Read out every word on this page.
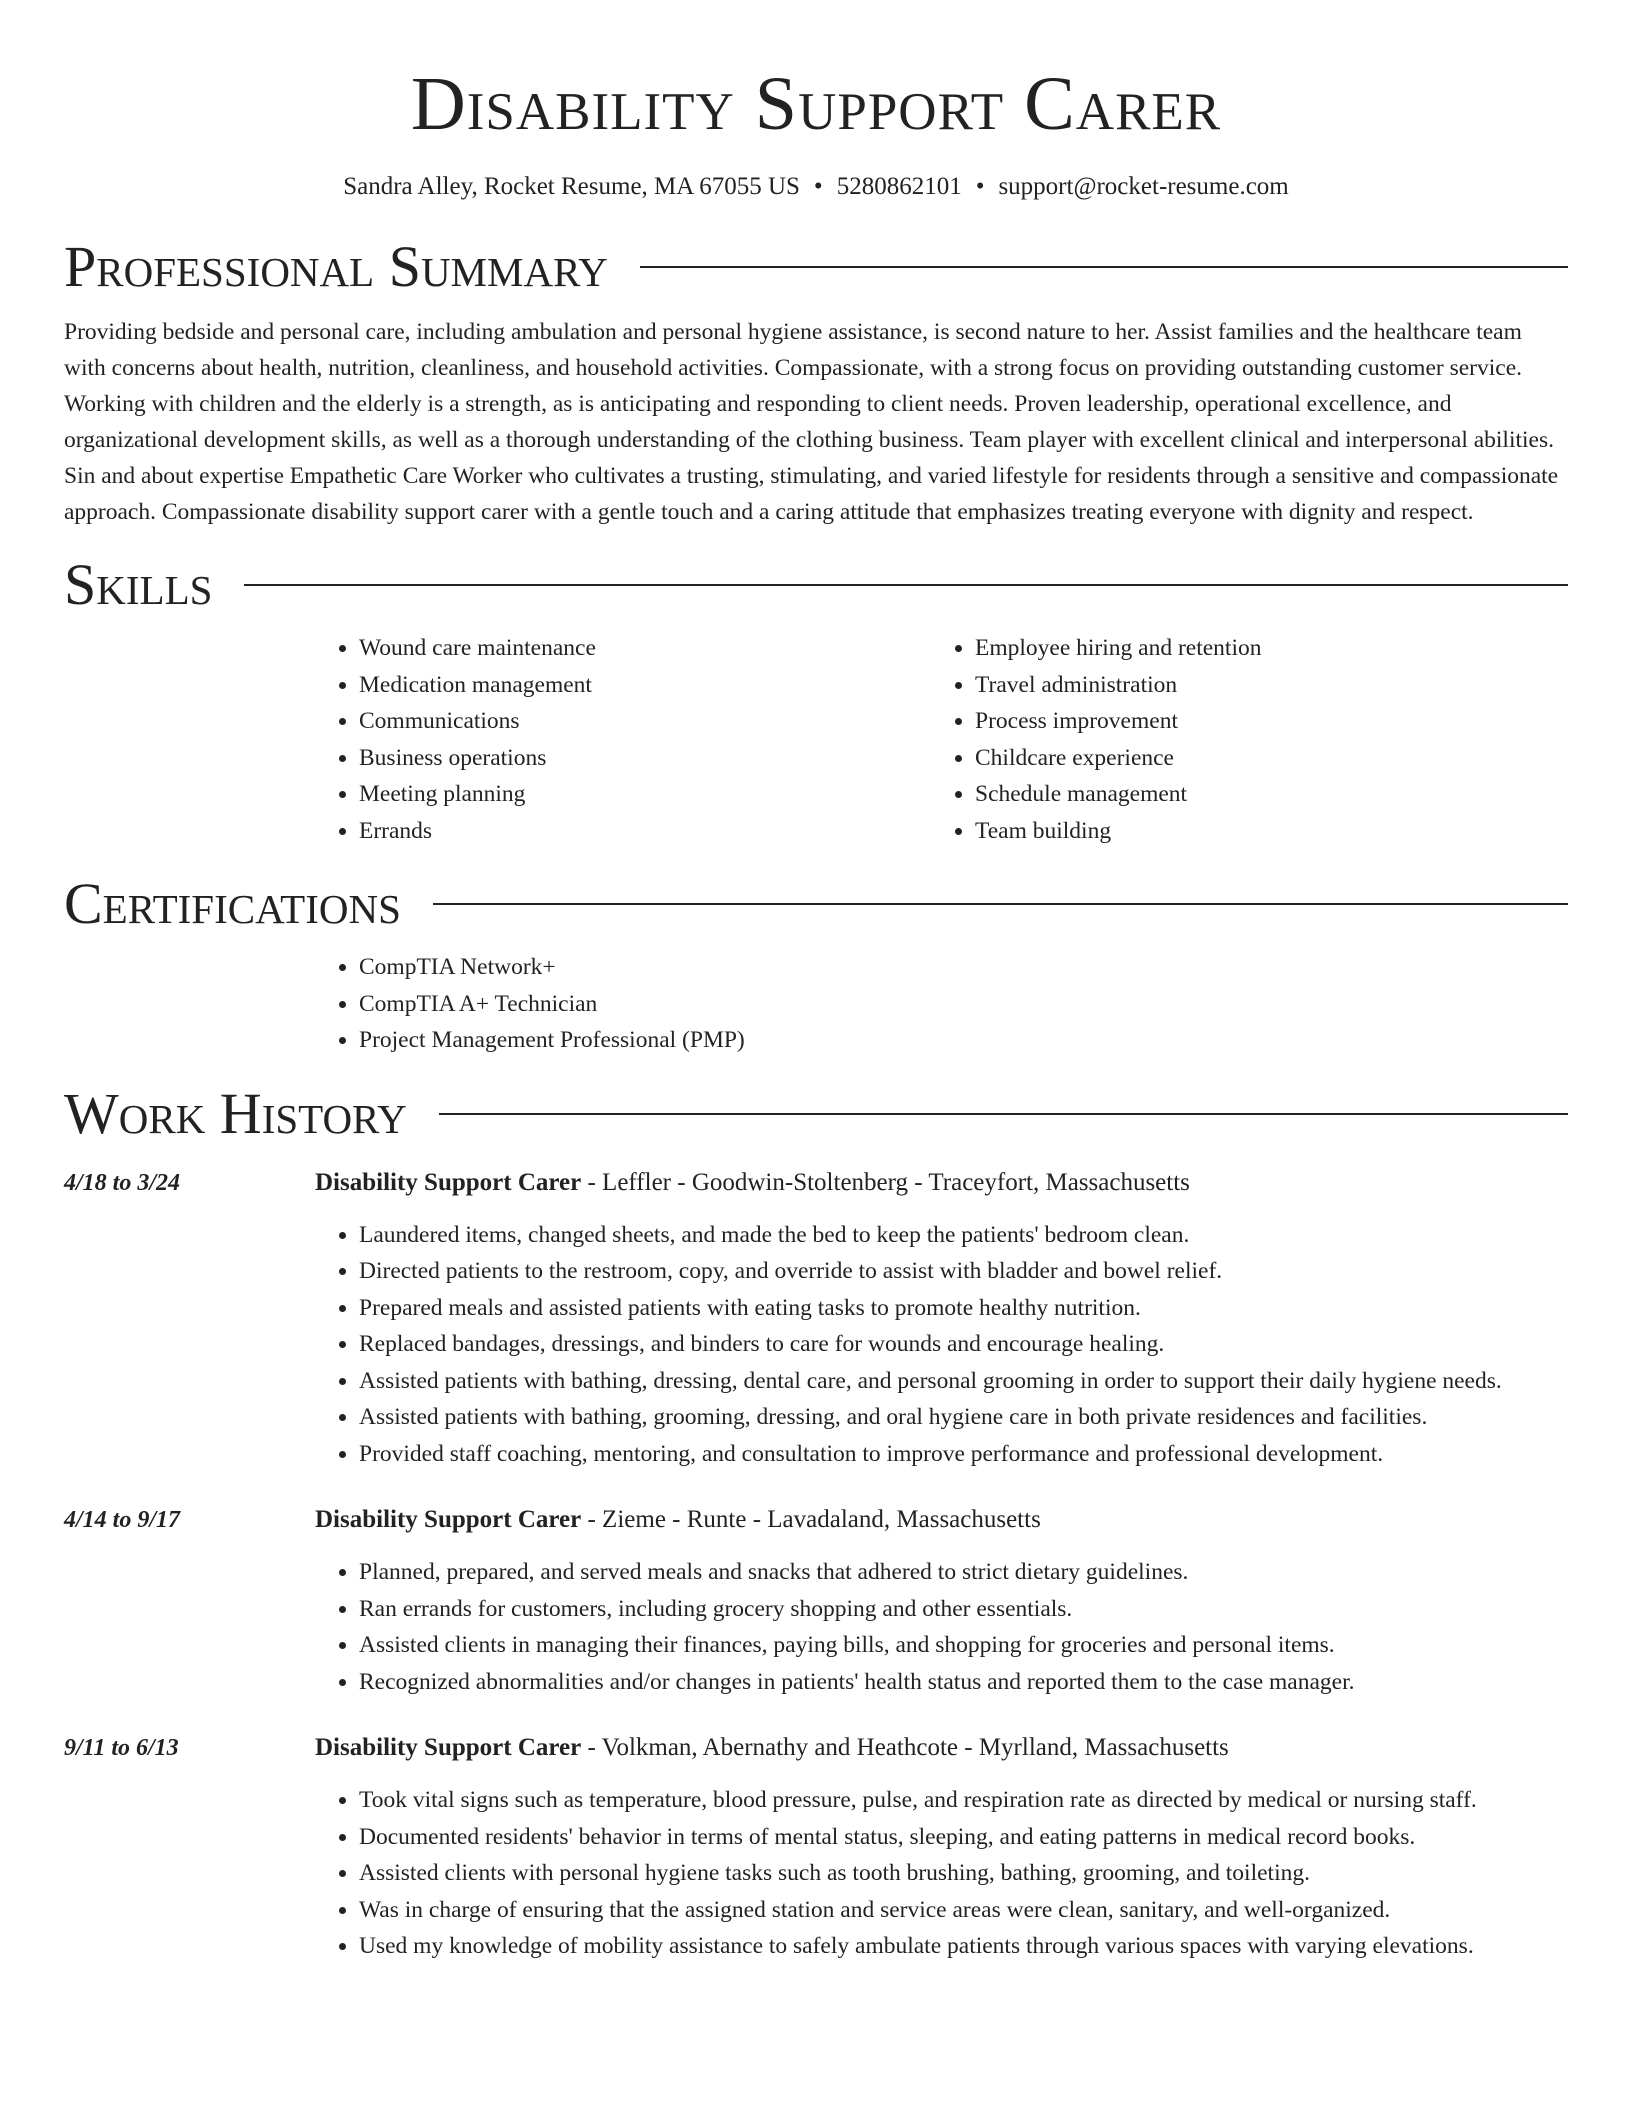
Disability Support Carer
Sandra Alley, Rocket Resume, MA 67055 US • 5280862101 • support@rocket-resume.com
Professional Summary

Providing bedside and personal care, including ambulation and personal hygiene assistance, is second nature to her. Assist families and the healthcare team with concerns about health, nutrition, cleanliness, and household activities. Compassionate, with a strong focus on providing outstanding customer service. Working with children and the elderly is a strength, as is anticipating and responding to client needs. Proven leadership, operational excellence, and organizational development skills, as well as a thorough understanding of the clothing business. Team player with excellent clinical and interpersonal abilities. Sin and about expertise Empathetic Care Worker who cultivates a trusting, stimulating, and varied lifestyle for residents through a sensitive and compassionate approach. Compassionate disability support carer with a gentle touch and a caring attitude that emphasizes treating everyone with dignity and respect.

Skills
• Wound care maintenance
• Medication management
• Communications
• Business operations
• Meeting planning
• Errands
• Employee hiring and retention
• Travel administration
• Process improvement
• Childcare experience
• Schedule management
• Team building
Certifications
• CompTIA Network+
• CompTIA A+ Technician
• Project Management Professional (PMP)
Work History
4/18 to 3/24	Disability Support Carer - Leffler - Goodwin-Stoltenberg - Traceyfort, Massachusetts
• Laundered items, changed sheets, and made the bed to keep the patients' bedroom clean.
• Directed patients to the restroom, copy, and override to assist with bladder and bowel relief.
• Prepared meals and assisted patients with eating tasks to promote healthy nutrition.
• Replaced bandages, dressings, and binders to care for wounds and encourage healing.
• Assisted patients with bathing, dressing, dental care, and personal grooming in order to support their daily hygiene needs.
• Assisted patients with bathing, grooming, dressing, and oral hygiene care in both private residences and facilities.
• Provided staff coaching, mentoring, and consultation to improve performance and professional development.
4/14 to 9/17	Disability Support Carer - Zieme - Runte - Lavadaland, Massachusetts
• Planned, prepared, and served meals and snacks that adhered to strict dietary guidelines.
• Ran errands for customers, including grocery shopping and other essentials.
• Assisted clients in managing their finances, paying bills, and shopping for groceries and personal items.
• Recognized abnormalities and/or changes in patients' health status and reported them to the case manager.
9/11 to 6/13	Disability Support Carer - Volkman, Abernathy and Heathcote - Myrlland, Massachusetts
• Took vital signs such as temperature, blood pressure, pulse, and respiration rate as directed by medical or nursing staff.
• Documented residents' behavior in terms of mental status, sleeping, and eating patterns in medical record books.
• Assisted clients with personal hygiene tasks such as tooth brushing, bathing, grooming, and toileting.
• Was in charge of ensuring that the assigned station and service areas were clean, sanitary, and well-organized.
• Used my knowledge of mobility assistance to safely ambulate patients through various spaces with varying elevations.
